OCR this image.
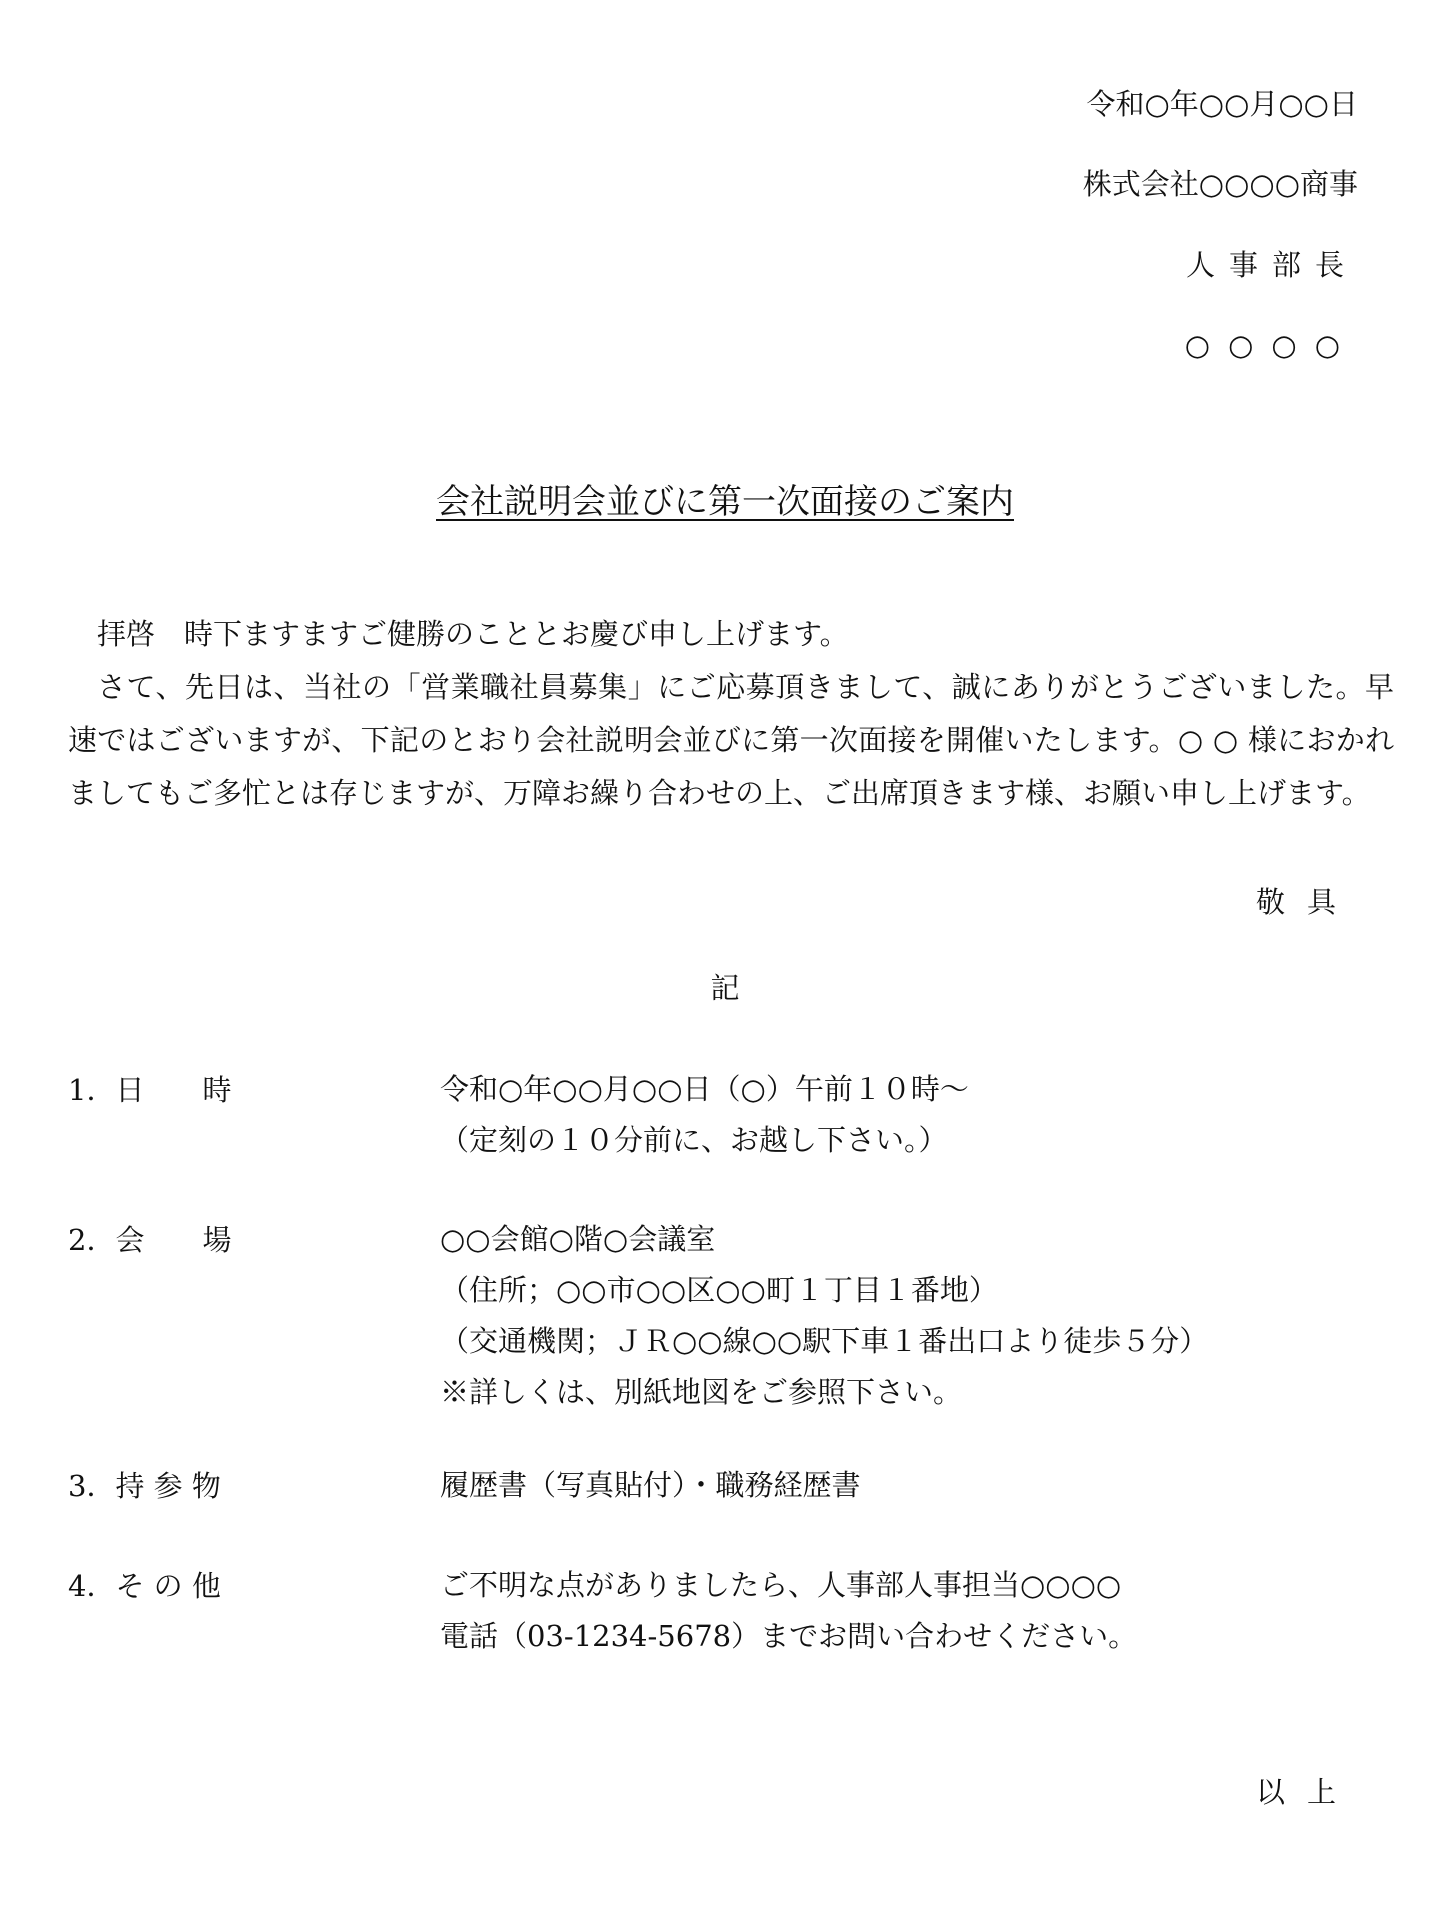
令和○年○○月○○日
株式会社○○○○商事
人事部長
○○○○
会社説明会並びに第一次面接のご案内

拝啓　時下ますますご健勝のこととお慶び申し上げます。

さて、先日は、当社の「営業職社員募集」にご応募頂きまして、誠にありがとうございました。早速ではございますが、下記のとおり会社説明会並びに第一次面接を開催いたします。○ ○ 様におかれましてもご多忙とは存じますが、万障お繰り合わせの上、ご出席頂きます様、お願い申し上げます。

敬具
記
1．日　　時	令和○年○○月○○日（○）午前１０時～
（定刻の１０分前に、お越し下さい。）
2．会　　場	○○会館○階○会議室
（住所；○○市○○区○○町１丁目１番地）
（交通機関；ＪＲ○○線○○駅下車１番出口より徒歩５分）
※詳しくは、別紙地図をご参照下さい。
3．持 参 物	履歴書（写真貼付）・職務経歴書
4．そ の 他	ご不明な点がありましたら、人事部人事担当○○○○
電話（03-1234-5678）までお問い合わせください。
以上
